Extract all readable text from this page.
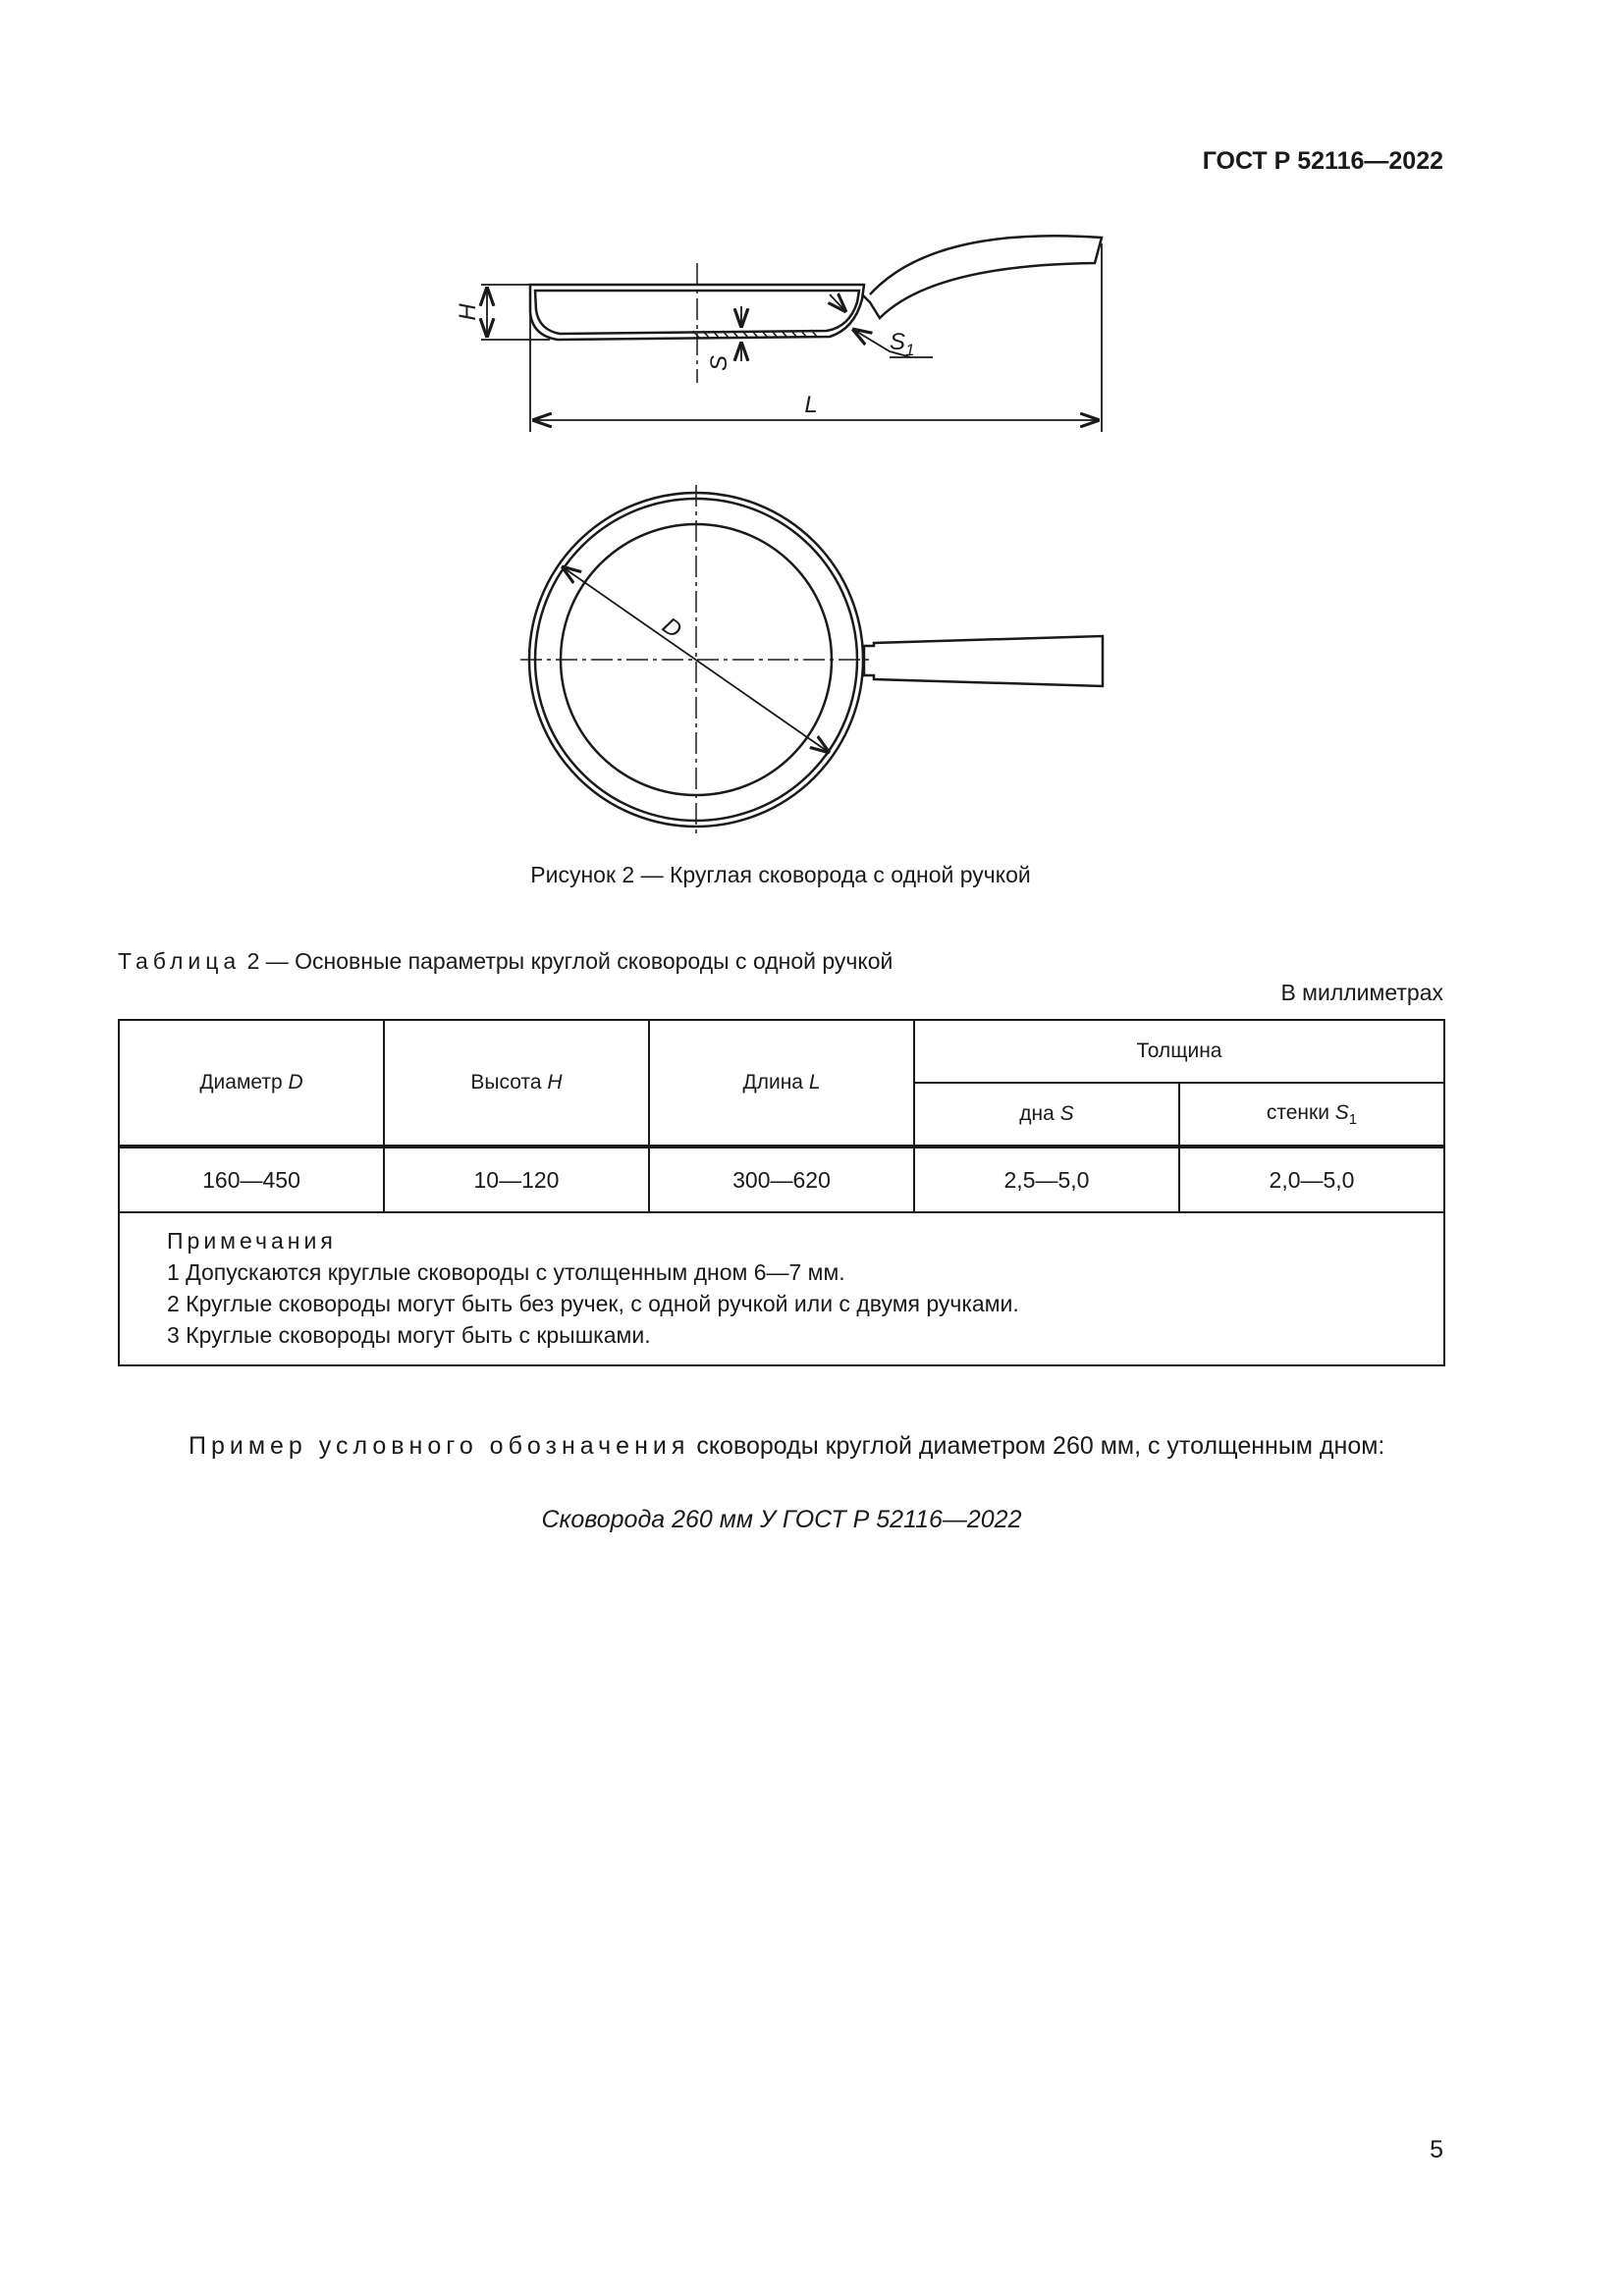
ГОСТ Р 52116—2022
H
S
$S_1$
L
D
Рисунок 2 — Круглая сковорода с одной ручкой
Таблица 2 — Основные параметры круглой сковороды с одной ручкой
В миллиметрах
Диаметр D	Высота H	Длина L	Толщина	
			дна S	стенки $S_1$
160—450	10—120	300—620	2,5—5,0	2,0—5,0

Примечания
1 Допускаются круглые сковороды с утолщенным дном 6—7 мм.
2 Круглые сковороды могут быть без ручек, с одной ручкой или с двумя ручками.
3 Круглые сковороды могут быть с крышками.				
Пример условного обозначения сковороды круглой диаметром 260 мм, с утолщенным дном:
Сковорода 260 мм У ГОСТ Р 52116—2022
5
